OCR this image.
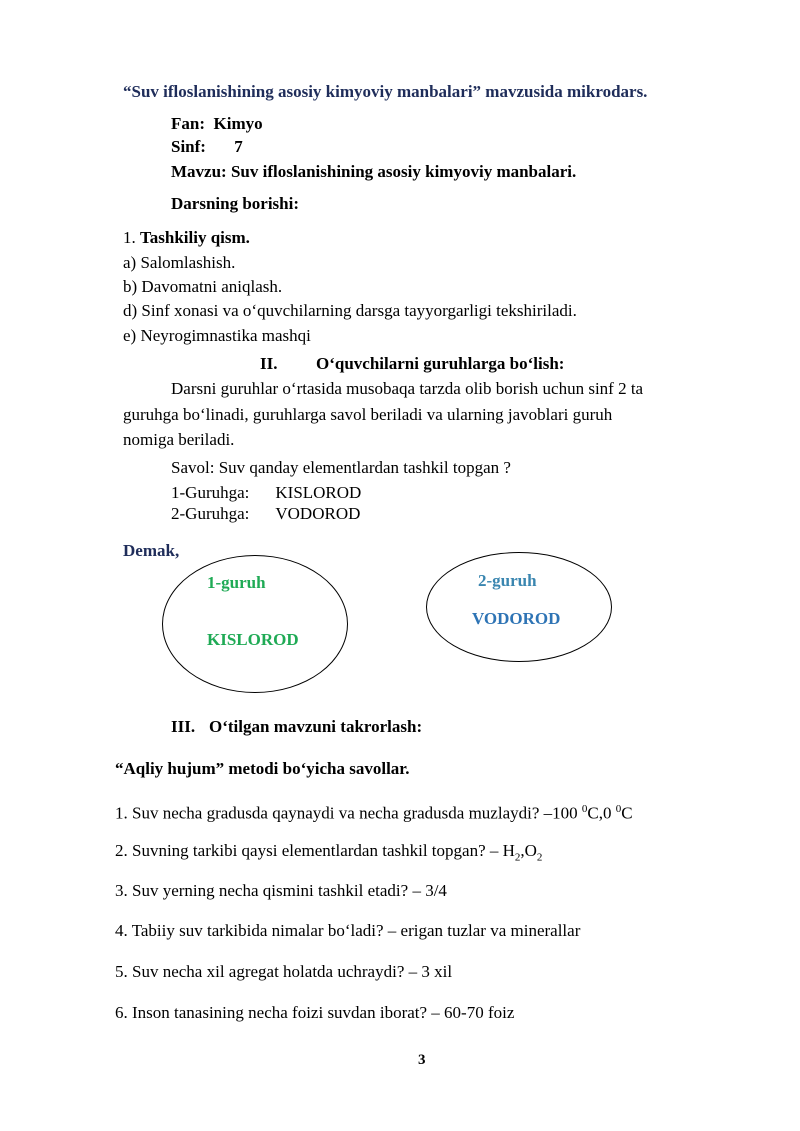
“Suv ifloslanishining asosiy kimyoviy manbalari” mavzusida mikrodars.
Fan: Kimyo
Sinf: 7
Mavzu: Suv ifloslanishining asosiy kimyoviy manbalari.
Darsning borishi:
1. Tashkiliy qism.
a) Salomlashish.
b) Davomatni aniqlash.
d) Sinf xonasi va o‘quvchilarning darsga tayyorgarligi tekshiriladi.
e) Neyrogimnastika mashqi
II. O‘quvchilarni guruhlarga bo‘lish:
Darsni guruhlar o‘rtasida musobaqa tarzda olib borish uchun sinf 2 ta
guruhga bo‘linadi, guruhlarga savol beriladi va ularning javoblari guruh
nomiga beriladi.
Savol: Suv qanday elementlardan tashkil topgan ?
1-Guruhga: KISLOROD
2-Guruhga: VODOROD
Demak,
1-guruh
KISLOROD
2-guruh
VODOROD
III. O‘tilgan mavzuni takrorlash:
“Aqliy hujum” metodi bo‘yicha savollar.
1. Suv necha gradusda qaynaydi va necha gradusda muzlaydi? –100 $^0$C,0 $^0$C
2. Suvning tarkibi qaysi elementlardan tashkil topgan? – $H_2,O_2$
3. Suv yerning necha qismini tashkil etadi? – 3/4
4. Tabiiy suv tarkibida nimalar bo‘ladi? – erigan tuzlar va minerallar
5. Suv necha xil agregat holatda uchraydi? – 3 xil
6. Inson tanasining necha foizi suvdan iborat? – 60-70 foiz
3
